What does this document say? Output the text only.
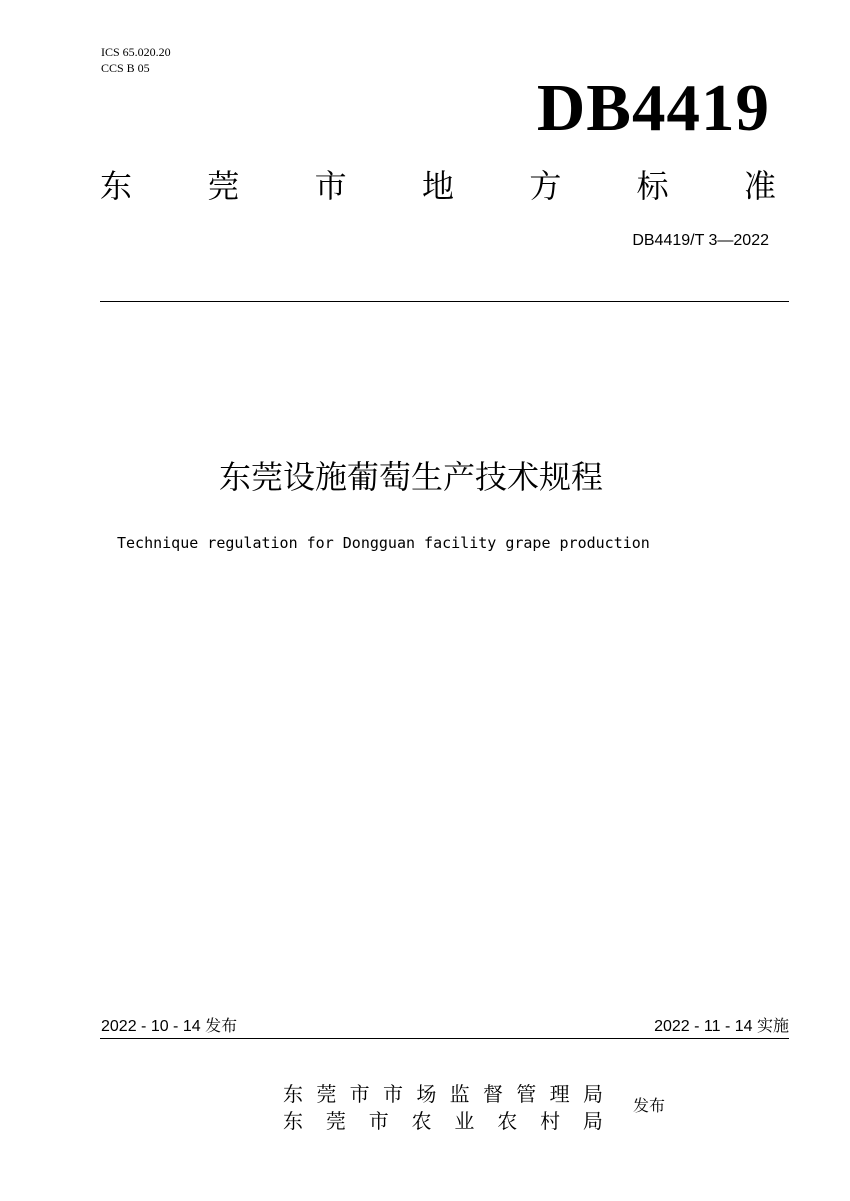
ICS 65.020.20
CCS B 05
DB4419
东 莞 市 地 方 标 准
DB4419/T 3—2022
东莞设施葡萄生产技术规程
Technique regulation for Dongguan facility grape production
2022 - 10 - 14 发布	2022 - 11 - 14 实施
东 莞 市 市 场 监 督 管 理 局
东 莞 市 农 业 农 村 局
发布
